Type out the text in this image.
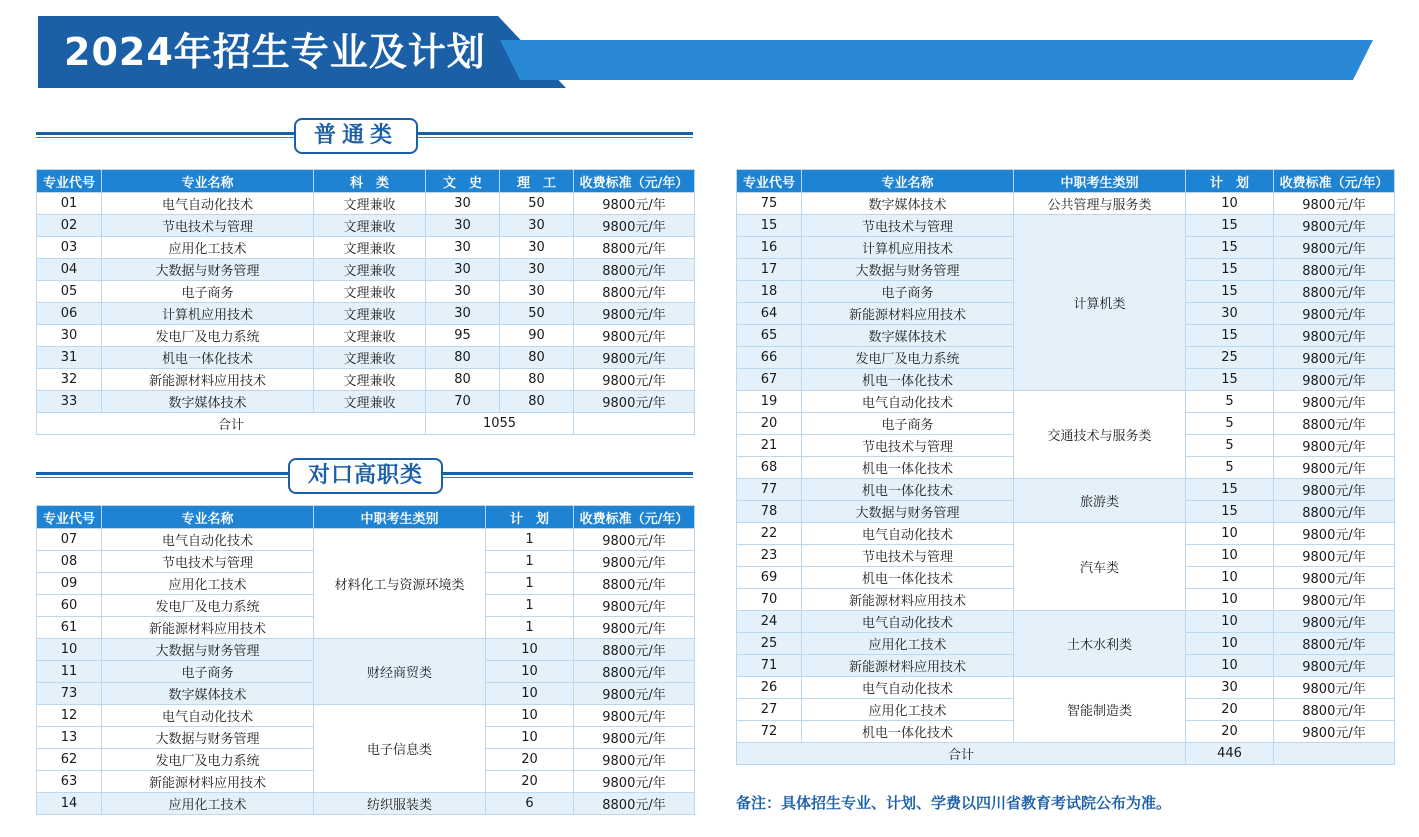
2024年招生专业及计划
普通类
专业代号	专业名称	科　类	文　史	理　工	收费标准（元/年）
01	电气自动化技术	文理兼收	30	50	9800元/年
02	节电技术与管理	文理兼收	30	30	9800元/年
03	应用化工技术	文理兼收	30	30	8800元/年
04	大数据与财务管理	文理兼收	30	30	8800元/年
05	电子商务	文理兼收	30	30	8800元/年
06	计算机应用技术	文理兼收	30	50	9800元/年
30	发电厂及电力系统	文理兼收	95	90	9800元/年
31	机电一体化技术	文理兼收	80	80	9800元/年
32	新能源材料应用技术	文理兼收	80	80	9800元/年
33	数字媒体技术	文理兼收	70	80	9800元/年
合计			1055		
对口高职类
专业代号	专业名称	中职考生类别	计　划	收费标准（元/年）
07	电气自动化技术	材料化工与资源环境类	1	9800元/年
08	节电技术与管理		1	9800元/年
09	应用化工技术		1	8800元/年
60	发电厂及电力系统		1	9800元/年
61	新能源材料应用技术		1	9800元/年
10	大数据与财务管理	财经商贸类	10	8800元/年
11	电子商务		10	8800元/年
73	数字媒体技术		10	9800元/年
12	电气自动化技术	电子信息类	10	9800元/年
13	大数据与财务管理		10	9800元/年
62	发电厂及电力系统		20	9800元/年
63	新能源材料应用技术		20	9800元/年
14	应用化工技术	纺织服装类	6	8800元/年
专业代号	专业名称	中职考生类别	计　划	收费标准（元/年）
75	数字媒体技术	公共管理与服务类	10	9800元/年
15	节电技术与管理	计算机类	15	9800元/年
16	计算机应用技术		15	9800元/年
17	大数据与财务管理		15	8800元/年
18	电子商务		15	8800元/年
64	新能源材料应用技术		30	9800元/年
65	数字媒体技术		15	9800元/年
66	发电厂及电力系统		25	9800元/年
67	机电一体化技术		15	9800元/年
19	电气自动化技术	交通技术与服务类	5	9800元/年
20	电子商务		5	8800元/年
21	节电技术与管理		5	9800元/年
68	机电一体化技术		5	9800元/年
77	机电一体化技术	旅游类	15	9800元/年
78	大数据与财务管理		15	8800元/年
22	电气自动化技术	汽车类	10	9800元/年
23	节电技术与管理		10	9800元/年
69	机电一体化技术		10	9800元/年
70	新能源材料应用技术		10	9800元/年
24	电气自动化技术	土木水利类	10	9800元/年
25	应用化工技术		10	8800元/年
71	新能源材料应用技术		10	9800元/年
26	电气自动化技术	智能制造类	30	9800元/年
27	应用化工技术		20	8800元/年
72	机电一体化技术		20	9800元/年
合计			446	
备注：具体招生专业、计划、学费以四川省教育考试院公布为准。
